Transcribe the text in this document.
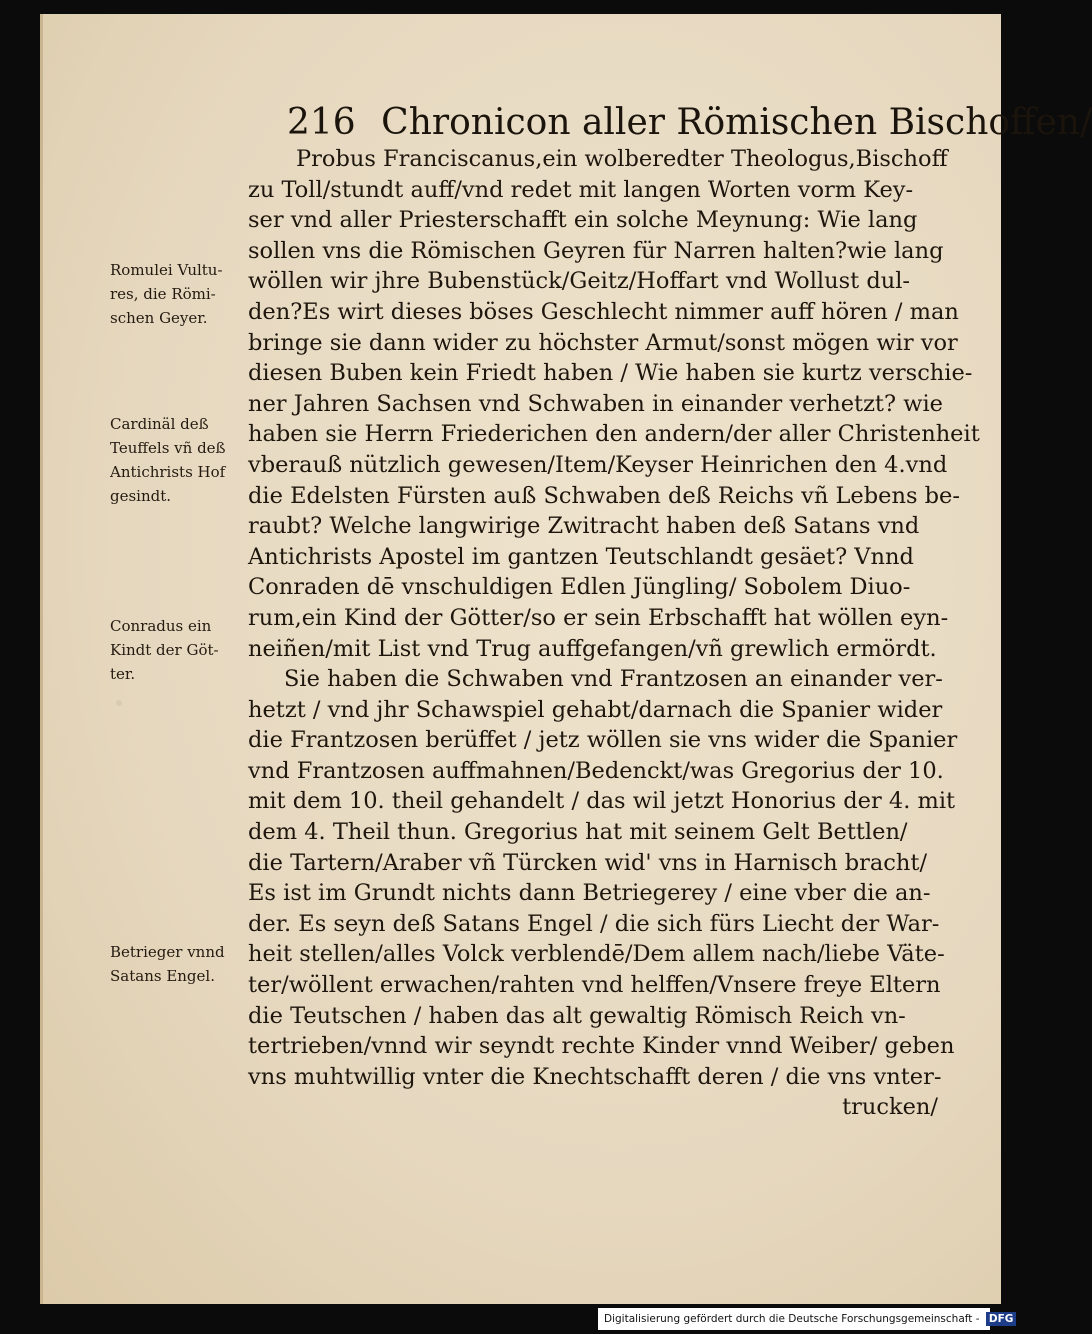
216 Chronicon aller Römischen Bischoffen/
Probus Franciscanus,ein wolberedter Theologus,Bischoff
zu Toll/stundt auff/vnd redet mit langen Worten vorm Key-
ser vnd aller Priesterschafft ein solche Meynung: Wie lang
sollen vns die Römischen Geyren für Narren halten?wie lang
wöllen wir jhre Bubenstück/Geitz/Hoffart vnd Wollust dul-
den?Es wirt dieses böses Geschlecht nimmer auff hören / man
bringe sie dann wider zu höchster Armut/sonst mögen wir vor
diesen Buben kein Friedt haben / Wie haben sie kurtz verschie-
ner Jahren Sachsen vnd Schwaben in einander verhetzt? wie
haben sie Herrn Friederichen den andern/der aller Christenheit
vberauß nützlich gewesen/Item/Keyser Heinrichen den 4.vnd
die Edelsten Fürsten auß Schwaben deß Reichs vñ Lebens be-
raubt? Welche langwirige Zwitracht haben deß Satans vnd
Antichrists Apostel im gantzen Teutschlandt gesäet? Vnnd
Conraden dē vnschuldigen Edlen Jüngling/ Sobolem Diuo-
rum,ein Kind der Götter/so er sein Erbschafft hat wöllen eyn-
neiñen/mit List vnd Trug auffgefangen/vñ grewlich ermördt.
Sie haben die Schwaben vnd Frantzosen an einander ver-
hetzt / vnd jhr Schawspiel gehabt/darnach die Spanier wider
die Frantzosen berüffet / jetz wöllen sie vns wider die Spanier
vnd Frantzosen auffmahnen/Bedenckt/was Gregorius der 10.
mit dem 10. theil gehandelt / das wil jetzt Honorius der 4. mit
dem 4. Theil thun. Gregorius hat mit seinem Gelt Bettlen/
die Tartern/Araber vñ Türcken wid' vns in Harnisch bracht/
Es ist im Grundt nichts dann Betriegerey / eine vber die an-
der. Es seyn deß Satans Engel / die sich fürs Liecht der War-
heit stellen/alles Volck verblendē/Dem allem nach/liebe Väte-
ter/wöllent erwachen/rahten vnd helffen/Vnsere freye Eltern
die Teutschen / haben das alt gewaltig Römisch Reich vn-
tertrieben/vnnd wir seyndt rechte Kinder vnnd Weiber/ geben
vns muhtwillig vnter die Knechtschafft deren / die vns vnter-
trucken/
Romulei Vultu-
res, die Römi-
schen Geyer.
Cardinäl deß
Teuffels vñ deß
Antichrists Hof
gesindt.
Conradus ein
Kindt der Göt-
ter.
Betrieger vnnd
Satans Engel.
Digitalisierung gefördert durch die Deutsche Forschungsgemeinschaft - DFG
